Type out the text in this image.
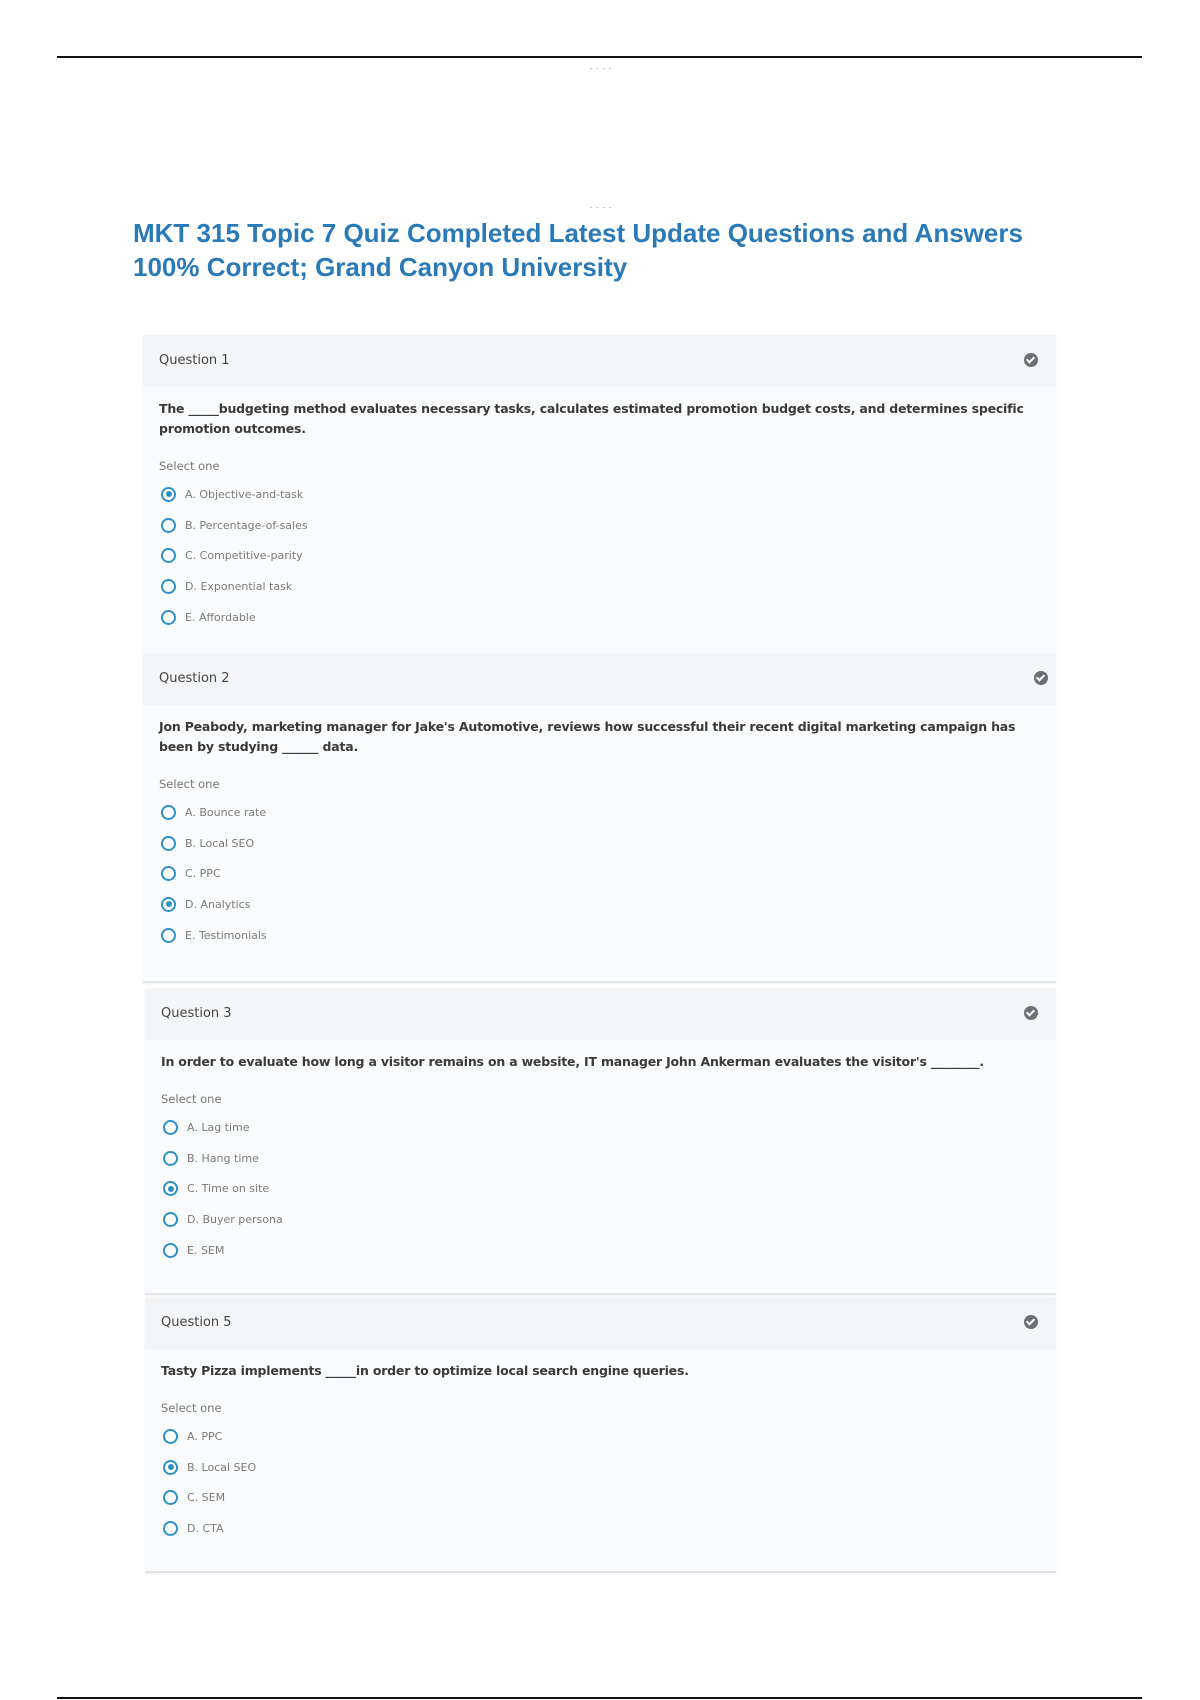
- - - -
- - - -
MKT 315 Topic 7 Quiz Completed Latest Update Questions and Answers 100% Correct; Grand Canyon University
Question 1
The _____budgeting method evaluates necessary tasks, calculates estimated promotion budget costs, and determines specific promotion outcomes.
Select one
A. Objective-and-task
B. Percentage-of-sales
C. Competitive-parity
D. Exponential task
E. Affordable
Question 2
Jon Peabody, marketing manager for Jake's Automotive, reviews how successful their recent digital marketing campaign has been by studying ______ data.
Select one
A. Bounce rate
B. Local SEO
C. PPC
D. Analytics
E. Testimonials
Question 3
In order to evaluate how long a visitor remains on a website, IT manager John Ankerman evaluates the visitor's ________.
Select one
A. Lag time
B. Hang time
C. Time on site
D. Buyer persona
E. SEM
Question 5
Tasty Pizza implements _____in order to optimize local search engine queries.
Select one
A. PPC
B. Local SEO
C. SEM
D. CTA
